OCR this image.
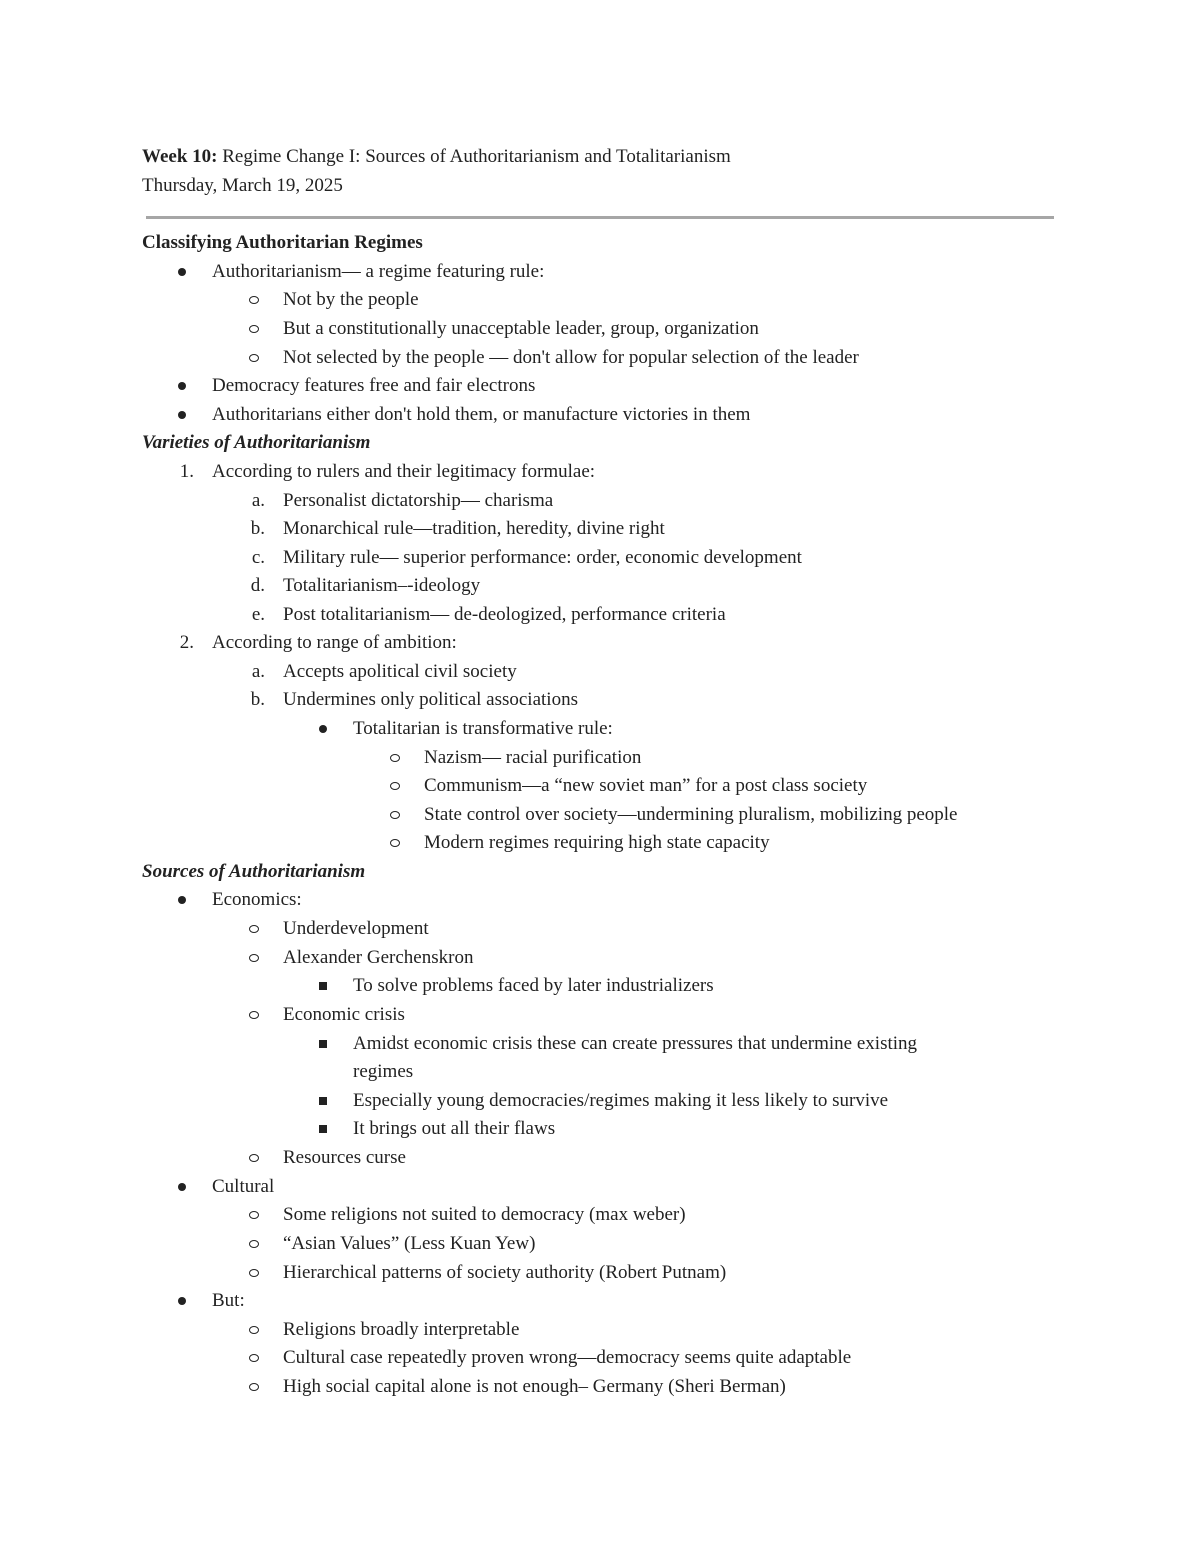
Week 10: Regime Change I: Sources of Authoritarianism and Totalitarianism
Thursday, March 19, 2025
Classifying Authoritarian Regimes
Authoritarianism— a regime featuring rule:
Not by the people
But a constitutionally unacceptable leader, group, organization
Not selected by the people — don't allow for popular selection of the leader
Democracy features free and fair electrons
Authoritarians either don't hold them, or manufacture victories in them
Varieties of Authoritarianism
1. According to rulers and their legitimacy formulae:
a. Personalist dictatorship— charisma
b. Monarchical rule—tradition, heredity, divine right
c. Military rule— superior performance: order, economic development
d. Totalitarianism–-ideology
e. Post totalitarianism— de-deologized, performance criteria
2. According to range of ambition:
a. Accepts apolitical civil society
b. Undermines only political associations
Totalitarian is transformative rule:
Nazism— racial purification
Communism—a “new soviet man” for a post class society
State control over society—undermining pluralism, mobilizing people
Modern regimes requiring high state capacity
Sources of Authoritarianism
Economics:
Underdevelopment
Alexander Gerchenskron
To solve problems faced by later industrializers
Economic crisis
Amidst economic crisis these can create pressures that undermine existing
regimes
Especially young democracies/regimes making it less likely to survive
It brings out all their flaws
Resources curse
Cultural
Some religions not suited to democracy (max weber)
“Asian Values” (Less Kuan Yew)
Hierarchical patterns of society authority (Robert Putnam)
But:
Religions broadly interpretable
Cultural case repeatedly proven wrong—democracy seems quite adaptable
High social capital alone is not enough– Germany (Sheri Berman)
